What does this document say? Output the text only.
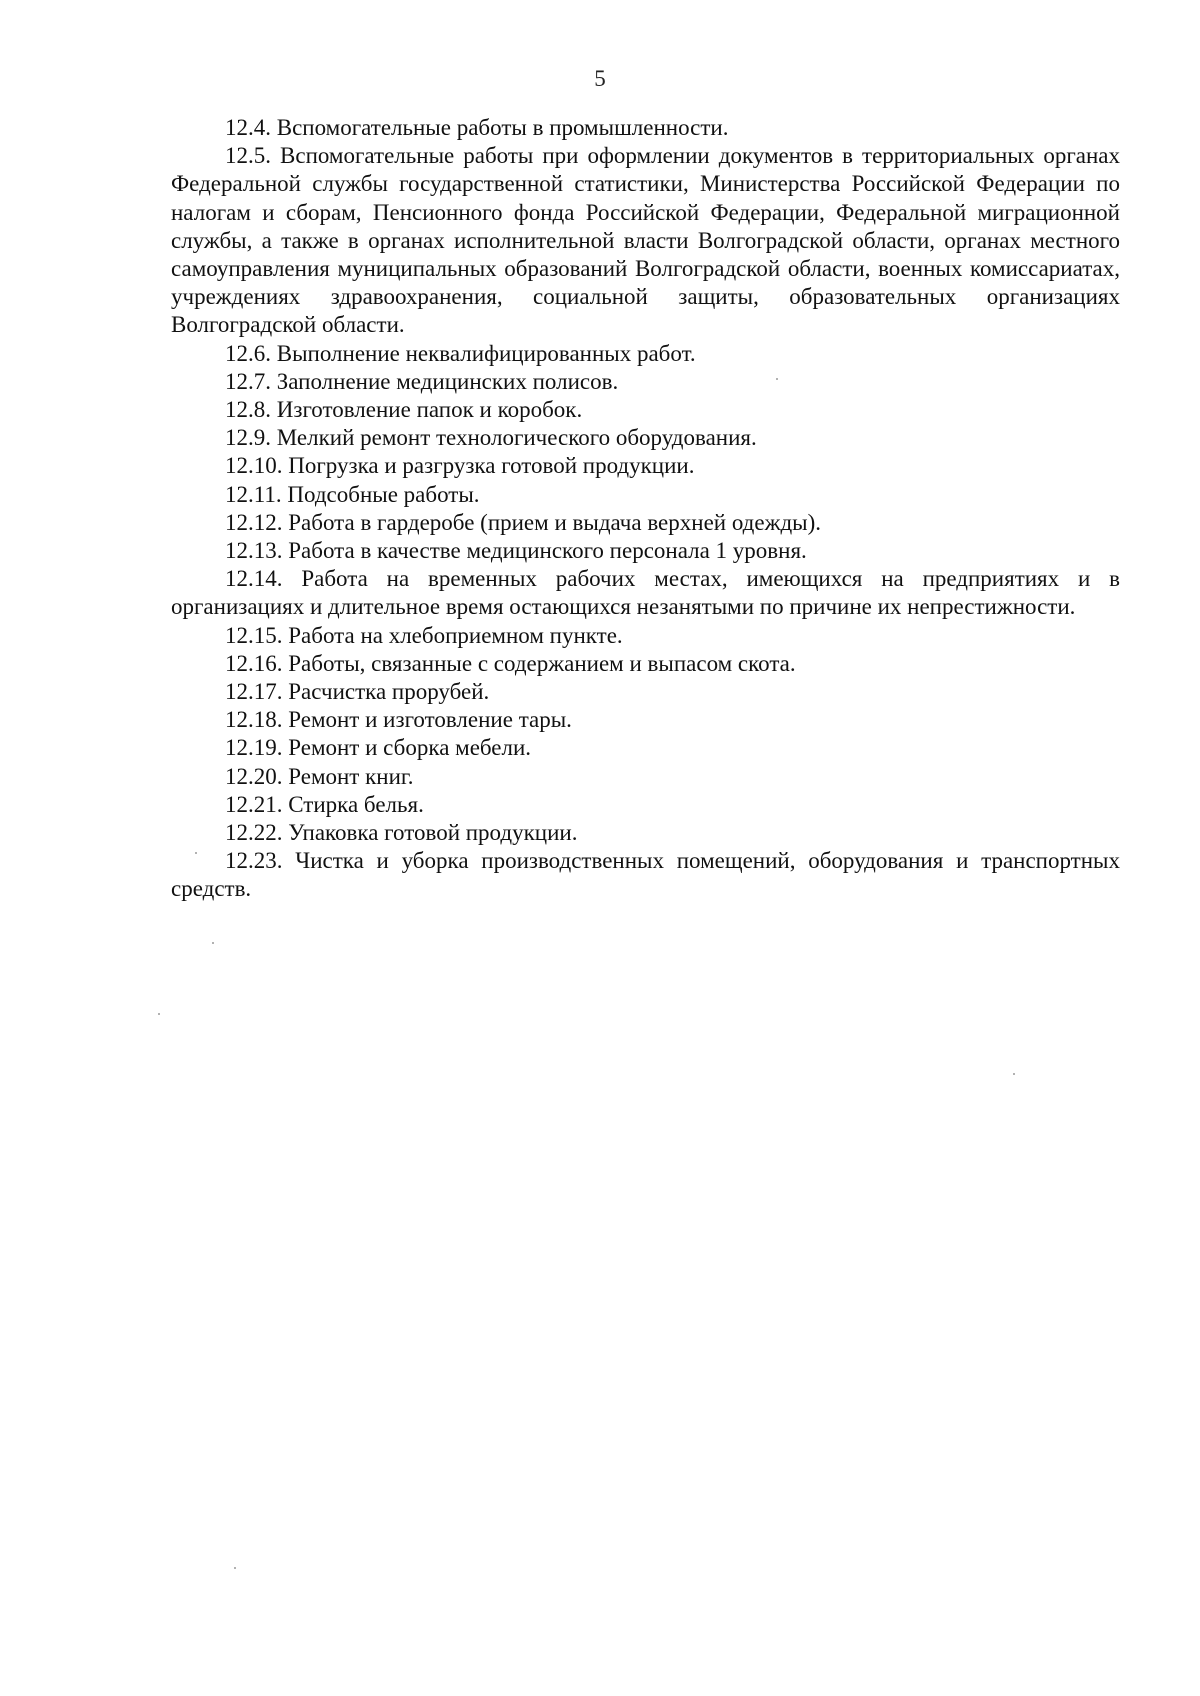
5

12.4. Вспомогательные работы в промышленности.

12.5. Вспомогательные работы при оформлении документов в территориальных органах Федеральной службы государственной статистики, Министерства Российской Федерации по налогам и сборам, Пенсионного фонда Российской Федерации, Федеральной миграционной службы, а также в органах исполнительной власти Волгоградской области, органах местного самоуправления муниципальных образований Волгоградской области, военных комиссариатах, учреждениях здравоохранения, социальной защиты, образовательных организациях Волгоградской области.

12.6. Выполнение неквалифицированных работ.

12.7. Заполнение медицинских полисов.

12.8. Изготовление папок и коробок.

12.9. Мелкий ремонт технологического оборудования.

12.10. Погрузка и разгрузка готовой продукции.

12.11. Подсобные работы.

12.12. Работа в гардеробе (прием и выдача верхней одежды).

12.13. Работа в качестве медицинского персонала 1 уровня.

12.14. Работа на временных рабочих местах, имеющихся на предприятиях и в организациях и длительное время остающихся незанятыми по причине их непрестижности.

12.15. Работа на хлебоприемном пункте.

12.16. Работы, связанные с содержанием и выпасом скота.

12.17. Расчистка прорубей.

12.18. Ремонт и изготовление тары.

12.19. Ремонт и сборка мебели.

12.20. Ремонт книг.

12.21. Стирка белья.

12.22. Упаковка готовой продукции.

12.23. Чистка и уборка производственных помещений, оборудования и транспортных средств.
